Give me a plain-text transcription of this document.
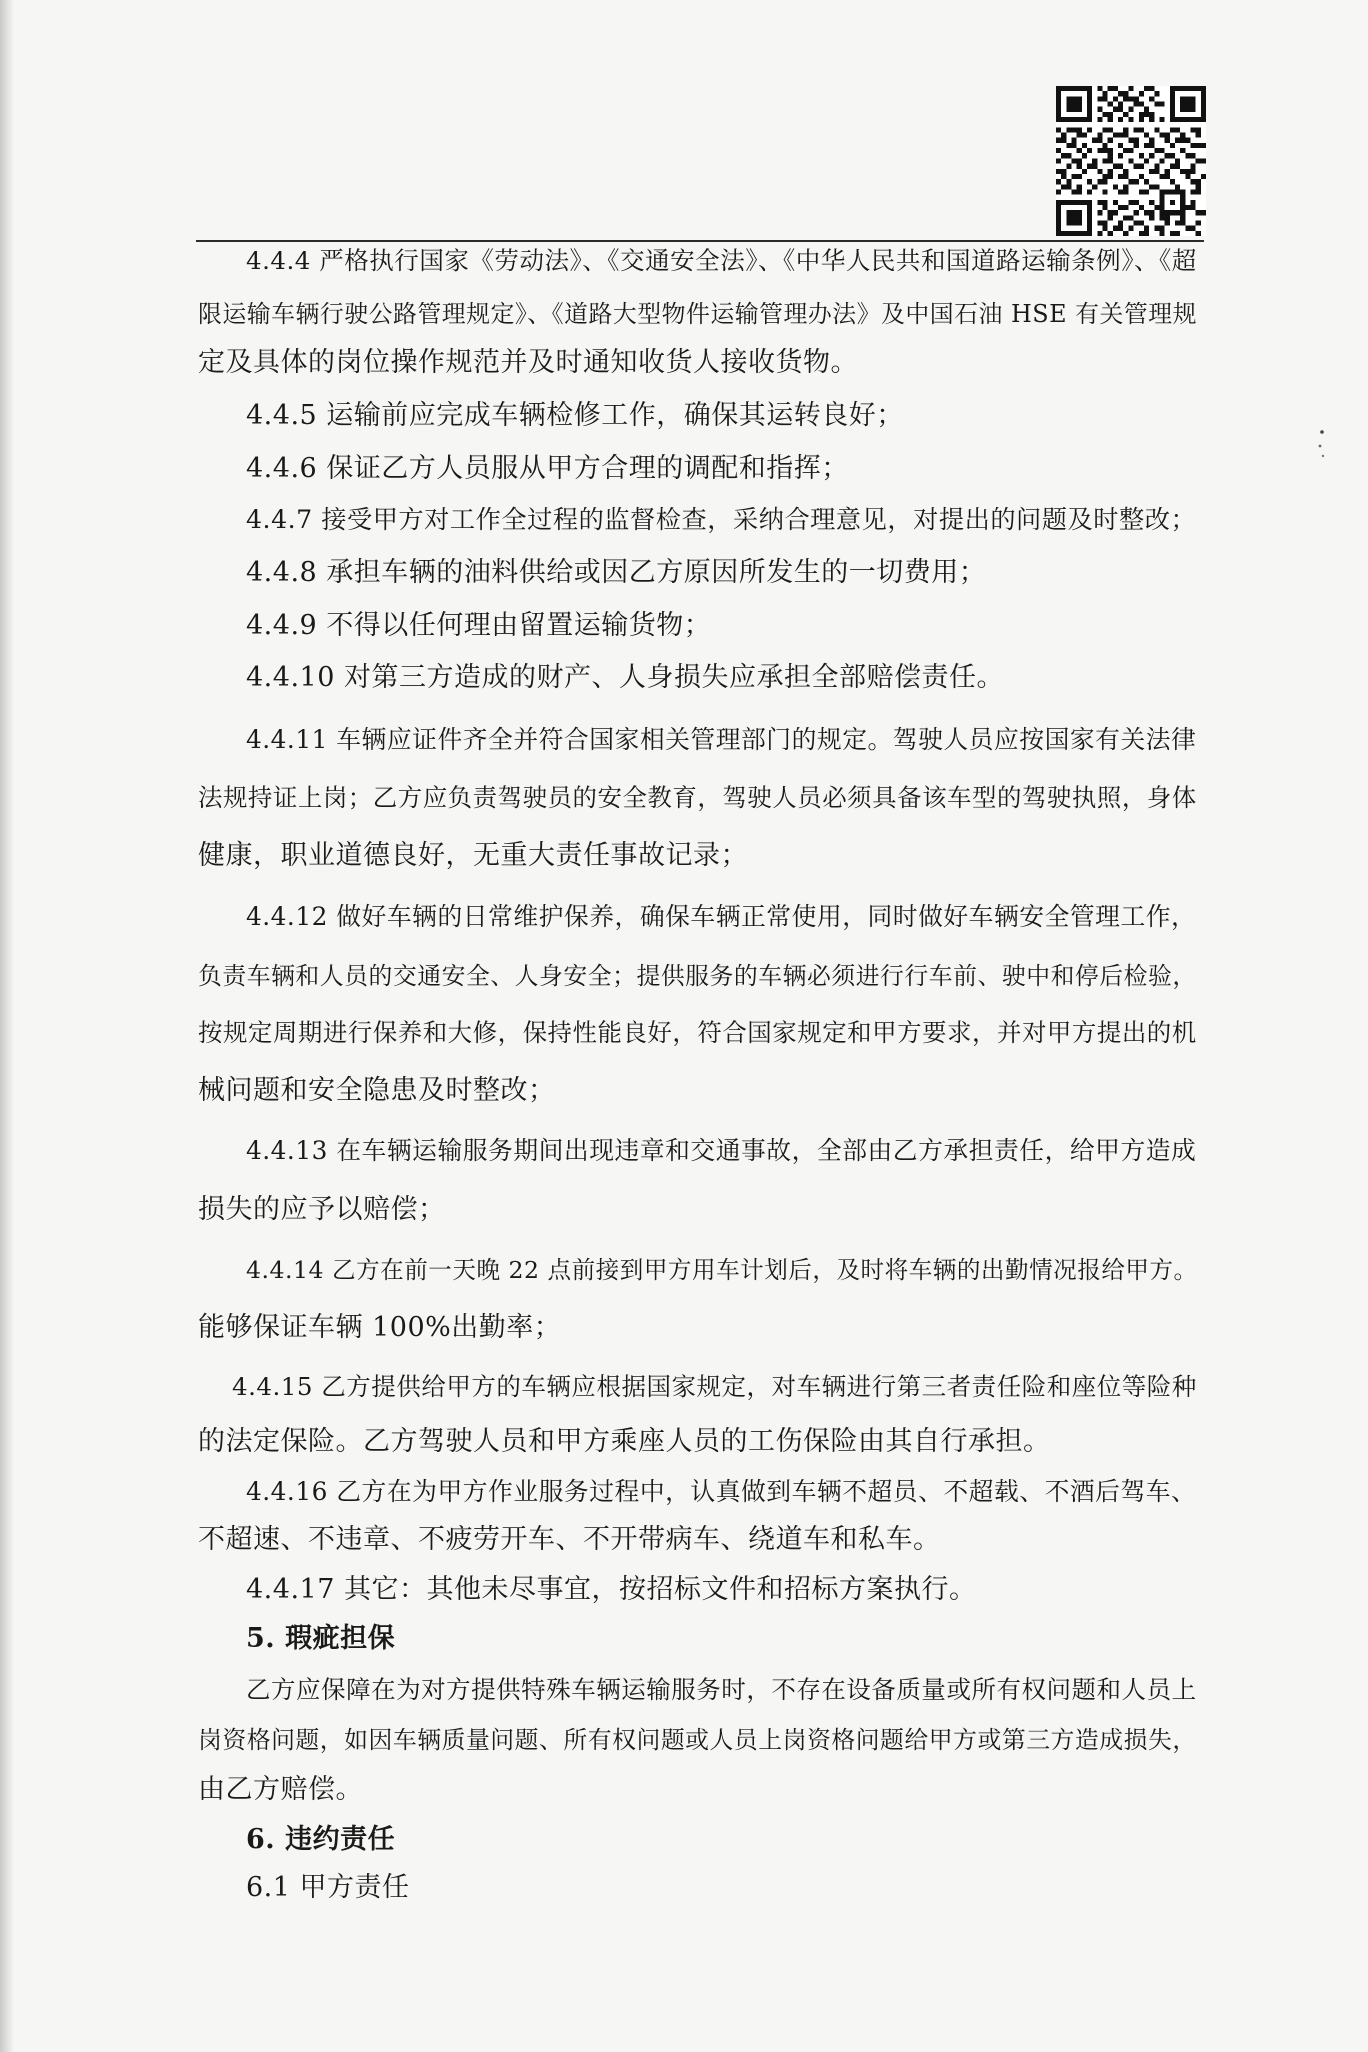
4.4.4 严格执行国家《劳动法》、《交通安全法》、《中华人民共和国道路运输条例》、《超
限运输车辆行驶公路管理规定》、《道路大型物件运输管理办法》及中国石油 HSE 有关管理规
定及具体的岗位操作规范并及时通知收货人接收货物。
4.4.5 运输前应完成车辆检修工作，确保其运转良好；
4.4.6 保证乙方人员服从甲方合理的调配和指挥；
4.4.7 接受甲方对工作全过程的监督检查，采纳合理意见，对提出的问题及时整改；
4.4.8 承担车辆的油料供给或因乙方原因所发生的一切费用；
4.4.9 不得以任何理由留置运输货物；
4.4.10 对第三方造成的财产、人身损失应承担全部赔偿责任。
4.4.11 车辆应证件齐全并符合国家相关管理部门的规定。驾驶人员应按国家有关法律
法规持证上岗；乙方应负责驾驶员的安全教育，驾驶人员必须具备该车型的驾驶执照，身体
健康，职业道德良好，无重大责任事故记录；
4.4.12 做好车辆的日常维护保养，确保车辆正常使用，同时做好车辆安全管理工作，
负责车辆和人员的交通安全、人身安全；提供服务的车辆必须进行行车前、驶中和停后检验，
按规定周期进行保养和大修，保持性能良好，符合国家规定和甲方要求，并对甲方提出的机
械问题和安全隐患及时整改；
4.4.13 在车辆运输服务期间出现违章和交通事故，全部由乙方承担责任，给甲方造成
损失的应予以赔偿；
4.4.14 乙方在前一天晚 22 点前接到甲方用车计划后，及时将车辆的出勤情况报给甲方。
能够保证车辆 100%出勤率；
4.4.15 乙方提供给甲方的车辆应根据国家规定，对车辆进行第三者责任险和座位等险种
的法定保险。乙方驾驶人员和甲方乘座人员的工伤保险由其自行承担。
4.4.16 乙方在为甲方作业服务过程中，认真做到车辆不超员、不超载、不酒后驾车、
不超速、不违章、不疲劳开车、不开带病车、绕道车和私车。
4.4.17 其它：其他未尽事宜，按招标文件和招标方案执行。
5. 瑕疵担保
乙方应保障在为对方提供特殊车辆运输服务时，不存在设备质量或所有权问题和人员上
岗资格问题，如因车辆质量问题、所有权问题或人员上岗资格问题给甲方或第三方造成损失，
由乙方赔偿。
6. 违约责任
6.1 甲方责任
